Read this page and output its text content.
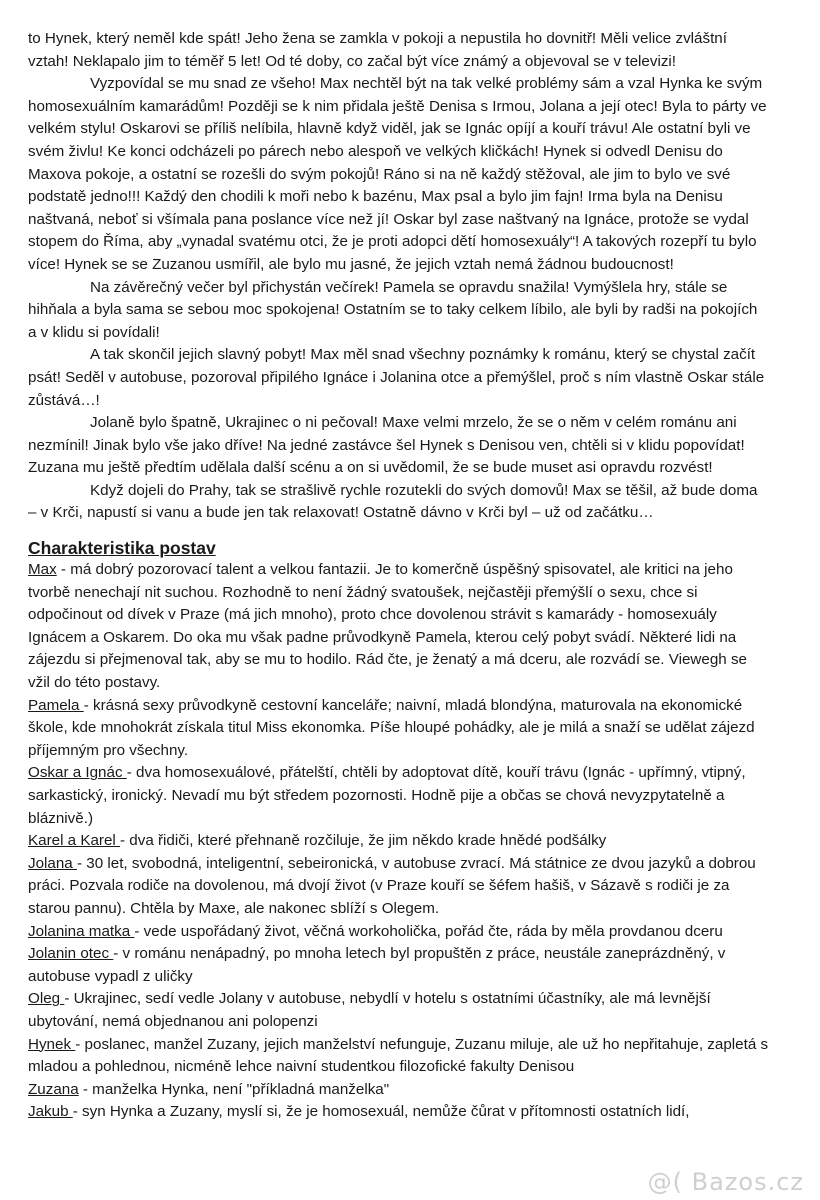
to Hynek, který neměl kde spát! Jeho žena se zamkla v pokoji a nepustila ho dovnitř! Měli velice zvláštní vztah! Neklapalo jim to téměř 5 let! Od té doby, co začal být více známý a objevoval se v televizi!

Vyzpovídal se mu snad ze všeho! Max nechtěl být na tak velké problémy sám a vzal Hynka ke svým homosexuálním kamarádům! Později se k nim přidala ještě Denisa s Irmou, Jolana a její otec! Byla to párty ve velkém stylu! Oskarovi se příliš nelíbila, hlavně když viděl, jak se Ignác opíjí a kouří trávu! Ale ostatní byli ve svém živlu! Ke konci odcházeli po párech nebo alespoň ve velkých kličkách! Hynek si odvedl Denisu do Maxova pokoje, a ostatní se rozešli do svým pokojů! Ráno si na ně každý stěžoval, ale jim to bylo ve své podstatě jedno!!! Každý den chodili k moři nebo k bazénu, Max psal a bylo jim fajn! Irma byla na Denisu naštvaná, neboť si všímala pana poslance více než jí! Oskar byl zase naštvaný na Ignáce, protože se vydal stopem do Říma, aby „vynadal svatému otci, že je proti adopci dětí homosexuály“! A takových rozepří tu bylo více! Hynek se se Zuzanou usmířil, ale bylo mu jasné, že jejich vztah nemá žádnou budoucnost!

Na závěrečný večer byl přichystán večírek! Pamela se opravdu snažila! Vymýšlela hry, stále se hihňala a byla sama se sebou moc spokojena! Ostatním se to taky celkem líbilo, ale byli by radši na pokojích a v klidu si povídali!

A tak skončil jejich slavný pobyt! Max měl snad všechny poznámky k románu, který se chystal začít psát! Seděl v autobuse, pozoroval připilého Ignáce i Jolanina otce a přemýšlel, proč s ním vlastně Oskar stále zůstává…!

Jolaně bylo špatně, Ukrajinec o ni pečoval! Maxe velmi mrzelo, že se o něm v celém románu ani nezmínil! Jinak bylo vše jako dříve! Na jedné zastávce šel Hynek s Denisou ven, chtěli si v klidu popovídat! Zuzana mu ještě předtím udělala další scénu a on si uvědomil, že se bude muset asi opravdu rozvést!

Když dojeli do Prahy, tak se strašlivě rychle rozutekli do svých domovů! Max se těšil, až bude doma – v Krči, napustí si vanu a bude jen tak relaxovat! Ostatně dávno v Krči byl – už od začátku…

Charakteristika postav

Max - má dobrý pozorovací talent a velkou fantazii. Je to komerčně úspěšný spisovatel, ale kritici na jeho tvorbě nenechají nit suchou. Rozhodně to není žádný svatoušek, nejčastěji přemýšlí o sexu, chce si odpočinout od dívek v Praze (má jich mnoho), proto chce dovolenou strávit s kamarády - homosexuály Ignácem a Oskarem. Do oka mu však padne průvodkyně Pamela, kterou celý pobyt svádí. Některé lidi na zájezdu si přejmenoval tak, aby se mu to hodilo. Rád čte, je ženatý a má dceru, ale rozvádí se. Viewegh se vžil do této postavy.

Pamela - krásná sexy průvodkyně cestovní kanceláře; naivní, mladá blondýna, maturovala na ekonomické škole, kde mnohokrát získala titul Miss ekonomka. Píše hloupé pohádky, ale je milá a snaží se udělat zájezd příjemným pro všechny.

Oskar a Ignác - dva homosexuálové, přátelští, chtěli by adoptovat dítě, kouří trávu (Ignác - upřímný, vtipný, sarkastický, ironický. Nevadí mu být středem pozornosti. Hodně pije a občas se chová nevyzpytatelně a bláznivě.)

Karel a Karel - dva řidiči, které přehnaně rozčiluje, že jim někdo krade hnědé podšálky

Jolana - 30 let, svobodná, inteligentní, sebeironická, v autobuse zvrací. Má státnice ze dvou jazyků a dobrou práci. Pozvala rodiče na dovolenou, má dvojí život (v Praze kouří se šéfem hašiš, v Sázavě s rodiči je za starou pannu). Chtěla by Maxe, ale nakonec sblíží s Olegem.

Jolanina matka - vede uspořádaný život, věčná workoholička, pořád čte, ráda by měla provdanou dceru

Jolanin otec - v románu nenápadný, po mnoha letech byl propuštěn z práce, neustále zaneprázdněný, v autobuse vypadl z uličky

Oleg - Ukrajinec, sedí vedle Jolany v autobuse, nebydlí v hotelu s ostatními účastníky, ale má levnější ubytování, nemá objednanou ani polopenzi

Hynek - poslanec, manžel Zuzany, jejich manželství nefunguje, Zuzanu miluje, ale už ho nepřitahuje, zapletá s mladou a pohlednou, nicméně lehce naivní studentkou filozofické fakulty Denisou

Zuzana - manželka Hynka, není "příkladná manželka"

Jakub - syn Hynka a Zuzany, myslí si, že je homosexuál, nemůže čůrat v přítomnosti ostatních lidí,

@( Bazos.cz
